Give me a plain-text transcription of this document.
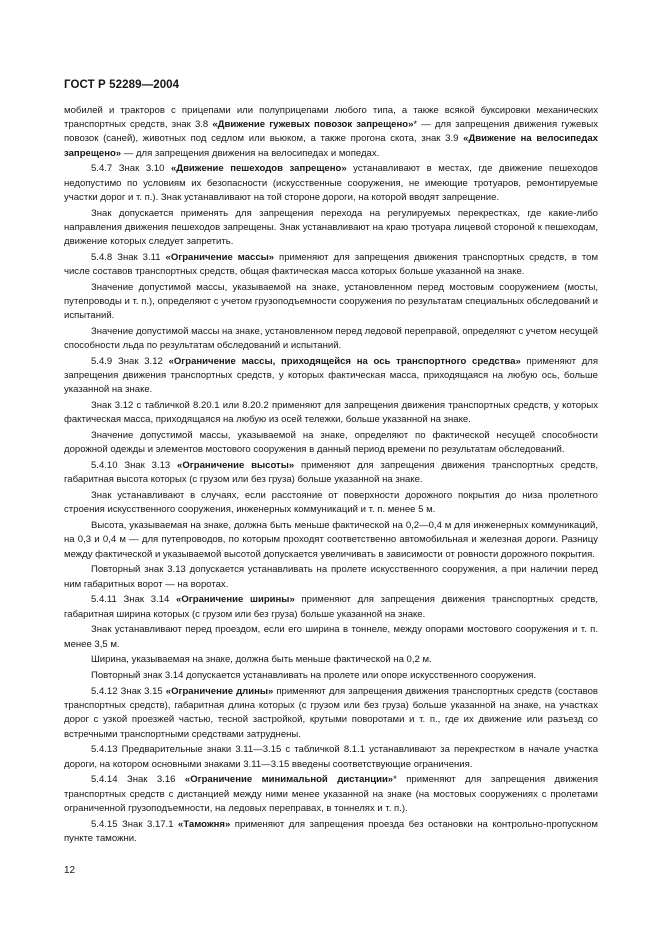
ГОСТ Р 52289—2004

мобилей и тракторов с прицепами или полуприцепами любого типа, а также всякой буксировки механических транспортных средств, знак 3.8 «Движение гужевых повозок запрещено»* — для запрещения движения гужевых повозок (саней), животных под седлом или вьюком, а также прогона скота, знак 3.9 «Движение на велосипедах запрещено» — для запрещения движения на велосипедах и мопедах.

5.4.7 Знак 3.10 «Движение пешеходов запрещено» устанавливают в местах, где движение пешеходов недопустимо по условиям их безопасности (искусственные сооружения, не имеющие тротуаров, ремонтируемые участки дорог и т. п.). Знак устанавливают на той стороне дороги, на которой вводят запрещение.

Знак допускается применять для запрещения перехода на регулируемых перекрестках, где какие-либо направления движения пешеходов запрещены. Знак устанавливают на краю тротуара лицевой стороной к пешеходам, движение которых следует запретить.

5.4.8 Знак 3.11 «Ограничение массы» применяют для запрещения движения транспортных средств, в том числе составов транспортных средств, общая фактическая масса которых больше указанной на знаке.

Значение допустимой массы, указываемой на знаке, установленном перед мостовым сооружением (мосты, путепроводы и т. п.), определяют с учетом грузоподъемности сооружения по результатам специальных обследований и испытаний.

Значение допустимой массы на знаке, установленном перед ледовой переправой, определяют с учетом несущей способности льда по результатам обследований и испытаний.

5.4.9 Знак 3.12 «Ограничение массы, приходящейся на ось транспортного средства» применяют для запрещения движения транспортных средств, у которых фактическая масса, приходящаяся на любую ось, больше указанной на знаке.

Знак 3.12 с табличкой 8.20.1 или 8.20.2 применяют для запрещения движения транспортных средств, у которых фактическая масса, приходящаяся на любую из осей тележки, больше указанной на знаке.

Значение допустимой массы, указываемой на знаке, определяют по фактической несущей способности дорожной одежды и элементов мостового сооружения в данный период времени по результатам обследований.

5.4.10 Знак 3.13 «Ограничение высоты» применяют для запрещения движения транспортных средств, габаритная высота которых (с грузом или без груза) больше указанной на знаке.

Знак устанавливают в случаях, если расстояние от поверхности дорожного покрытия до низа пролетного строения искусственного сооружения, инженерных коммуникаций и т. п. менее 5 м.

Высота, указываемая на знаке, должна быть меньше фактической на 0,2—0,4 м для инженерных коммуникаций, на 0,3 и 0,4 м — для путепроводов, по которым проходят соответственно автомобильная и железная дороги. Разницу между фактической и указываемой высотой допускается увеличивать в зависимости от ровности дорожного покрытия.

Повторный знак 3.13 допускается устанавливать на пролете искусственного сооружения, а при наличии перед ним габаритных ворот — на воротах.

5.4.11 Знак 3.14 «Ограничение ширины» применяют для запрещения движения транспортных средств, габаритная ширина которых (с грузом или без груза) больше указанной на знаке.

Знак устанавливают перед проездом, если его ширина в тоннеле, между опорами мостового сооружения и т. п. менее 3,5 м.

Ширина, указываемая на знаке, должна быть меньше фактической на 0,2 м.

Повторный знак 3.14 допускается устанавливать на пролете или опоре искусственного сооружения.

5.4.12 Знак 3.15 «Ограничение длины» применяют для запрещения движения транспортных средств (составов транспортных средств), габаритная длина которых (с грузом или без груза) больше указанной на знаке, на участках дорог с узкой проезжей частью, тесной застройкой, крутыми поворотами и т. п., где их движение или разъезд со встречными транспортными средствами затруднены.

5.4.13 Предварительные знаки 3.11—3.15 с табличкой 8.1.1 устанавливают за перекрестком в начале участка дороги, на котором основными знаками 3.11—3.15 введены соответствующие ограничения.

5.4.14 Знак 3.16 «Ограничение минимальной дистанции»* применяют для запрещения движения транспортных средств с дистанцией между ними менее указанной на знаке (на мостовых сооружениях с пролетами ограниченной грузоподъемности, на ледовых переправах, в тоннелях и т. п.).

5.4.15 Знак 3.17.1 «Таможня» применяют для запрещения проезда без остановки на контрольно-пропускном пункте таможни.

12
